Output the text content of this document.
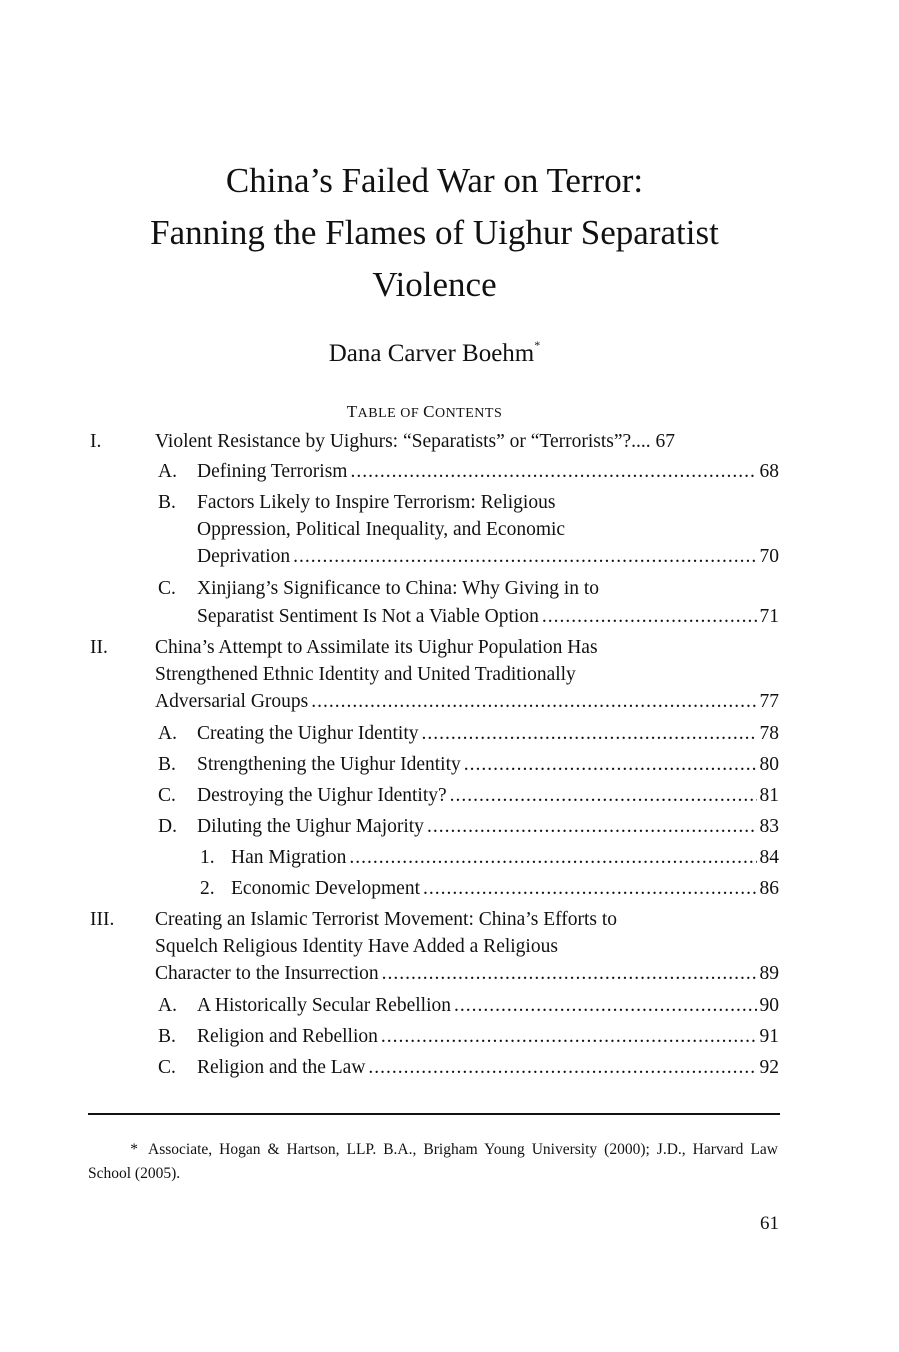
China’s Failed War on Terror:
Fanning the Flames of Uighur Separatist
Violence
Dana Carver Boehm*
TABLE OF CONTENTS
I.	Violent Resistance by Uighurs: “Separatists” or “Terrorists”?.... 67
A. Defining Terrorism .....	68
B. Factors Likely to Inspire Terrorism: Religious
Oppression, Political Inequality, and Economic
Deprivation .....	70
C. Xinjiang’s Significance to China: Why Giving in to
Separatist Sentiment Is Not a Viable Option .....	71
II. China’s Attempt to Assimilate its Uighur Population Has
Strengthened Ethnic Identity and United Traditionally
Adversarial Groups .....	77
A. Creating the Uighur Identity .....	78
B. Strengthening the Uighur Identity .....	80
C. Destroying the Uighur Identity? .....	81
D. Diluting the Uighur Majority .....	83
1. Han Migration .....	84
2. Economic Development .....	86
III. Creating an Islamic Terrorist Movement: China’s Efforts to
Squelch Religious Identity Have Added a Religious
Character to the Insurrection .....	89
A. A Historically Secular Rebellion .....	90
B. Religion and Rebellion .....	91
C. Religion and the Law .....	92
* Associate, Hogan & Hartson, LLP. B.A., Brigham Young University (2000); J.D., Harvard Law School (2005).
61
